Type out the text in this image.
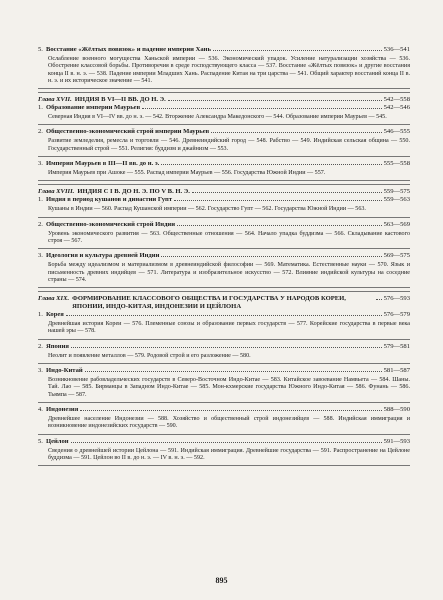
5. Восстание «Жёлтых повязок» и падение империи Хань	536—541
Ослабление военного могущества Ханьской империи — 536. Экономический упадок. Усиление натурализации хозяйства — 536. Обострение классовой борьбы. Противоречия в среде господствующего класса — 537. Восстание «Жёлтых повязок» и другие восстания конца II в. н. э. — 538. Падение империи Младших Хань. Распадение Китая на три царства — 541. Общий характер восстаний конца II в. н. э. и их историческое значение — 541.
Глава XVII. ИНДИЯ В VI—II ВВ. ДО Н. Э.	542—558
1. Образование империи Маурьев	542—546
Северная Индия в VI—IV вв. до н. э. — 542. Вторжение Александра Македонского — 544. Образование империи Маурьев — 545.
2. Общественно-экономический строй империи Маурьев	546—555
Развитие земледелия, ремесла и торговли — 546. Древнеиндийский город — 548. Рабство — 549. Индийская сельская община — 550. Государственный строй — 551. Религия: буддизм и джайнизм — 553.
3. Империя Маурьев в III—II вв. до н. э.	555—558
Империя Маурьев при Ашоке — 555. Распад империи Маурьев — 556. Государства Южной Индии — 557.
Глава XVIII. ИНДИЯ С I В. ДО Н. Э. ПО V В. Н. Э.	559—575
1. Индия в период кушанов и династии Гупт	559—563
Кушаны в Индии — 560. Распад Кушанской империи — 562. Государство Гупт — 562. Государства Южной Индии — 563.
2. Общественно-экономический строй Индии	563—569
Уровень экономического развития — 563. Общественные отношения — 564. Начало упадка буддизма — 566. Складывание кастового строя — 567.
3. Идеология и культура древней Индии	569—575
Борьба между идеализмом и материализмом в древнеиндийской философии — 569. Математика. Естественные науки — 570. Язык и письменность древних индийцев — 571. Литература и изобразительное искусство — 572. Влияние индийской культуры на соседние страны — 574.
Глава XIX. ФОРМИРОВАНИЕ КЛАССОВОГО ОБЩЕСТВА И ГОСУДАРСТВА У НАРОДОВ КОРЕИ, ЯПОНИИ, ИНДО-КИТАЯ, ИНДОНЕЗИИ И ЦЕЙЛОНА
576—593
1. Корея	576—579
Древнейшая история Кореи — 576. Племенные союзы и образование первых государств — 577. Корейские государства в первые века нашей эры — 578.
2. Япония	579—581
Неолит и появление металлов — 579. Родовой строй и его разложение — 580.
3. Индо-Китай	581—587
Возникновение рабовладельческих государств в Северо-Восточном Индо-Китае — 583. Китайское завоевание Намвьета — 584. Шаны. Тай. Лао — 585. Бирманцы в Западном Индо-Китае — 585. Мон-кхмерские государства Южного Индо-Китая — 586. Фунань — 586. Тьямпа — 587.
4. Индонезия	588—590
Древнейшее население Индонезии — 588. Хозяйство и общественный строй индонезийцев — 588. Индийская иммиграция и возникновение индонезийских государств — 590.
5. Цейлон	591—593
Сведения о древнейшей истории Цейлона — 591. Индийская иммиграция. Древнейшие государства — 591. Распространение на Цейлоне буддизма — 591. Цейлон во II в. до н. э. — IV в. н. э. — 592.
895
